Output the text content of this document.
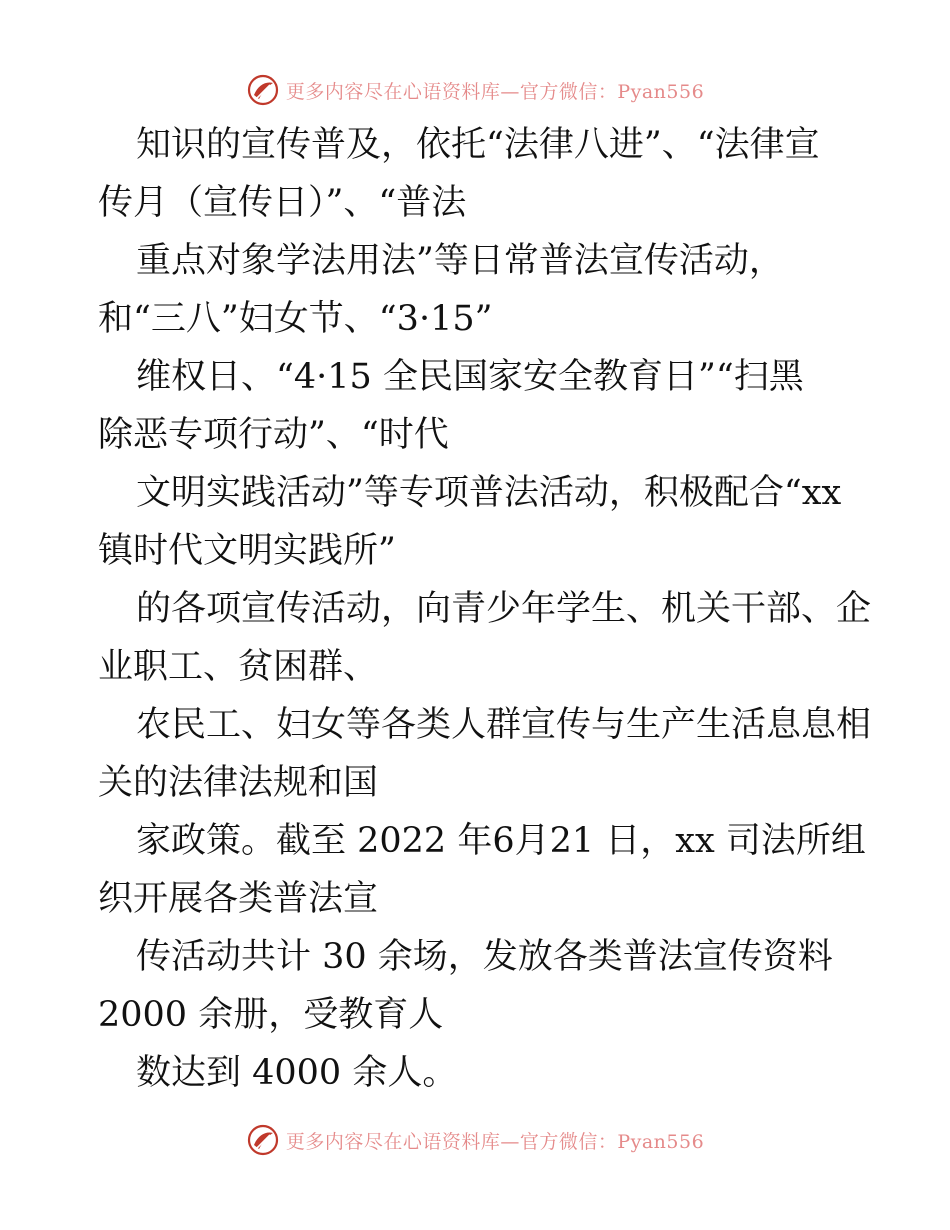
更多内容尽在心语资料库—官方微信：Pyan556
知识的宣传普及，依托“法律八进”、“法律宣
传月（宣传日）”、“普法
重点对象学法用法”等日常普法宣传活动，
和“三八”妇女节、“3·15”
维权日、“4·15 全民国家安全教育日”“扫黑
除恶专项行动”、“时代
文明实践活动”等专项普法活动，积极配合“xx
镇时代文明实践所”
的各项宣传活动，向青少年学生、机关干部、企
业职工、贫困群、
农民工、妇女等各类人群宣传与生产生活息息相
关的法律法规和国
家政策。截至 2022 年6月21 日，xx 司法所组
织开展各类普法宣
传活动共计 30 余场，发放各类普法宣传资料
2000 余册，受教育人
数达到 4000 余人。
更多内容尽在心语资料库—官方微信：Pyan556
